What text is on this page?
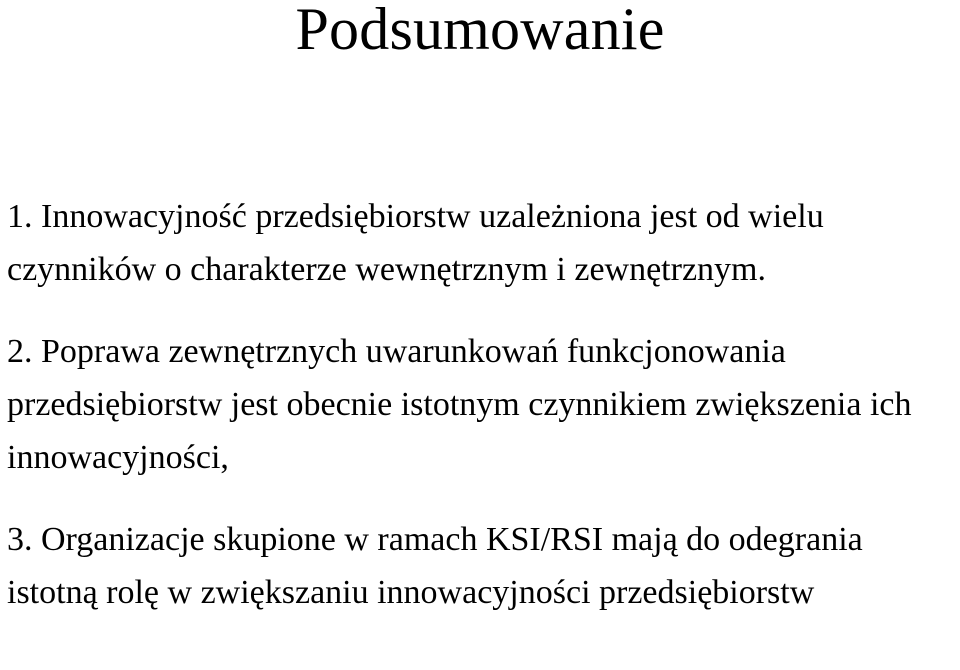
Podsumowanie
1. Innowacyjność przedsiębiorstw uzależniona jest od wielu czynników o charakterze wewnętrznym i zewnętrznym.
2. Poprawa zewnętrznych uwarunkowań funkcjonowania przedsiębiorstw jest obecnie istotnym czynnikiem zwiększenia ich innowacyjności,
3. Organizacje skupione w ramach KSI/RSI mają do odegrania istotną rolę w zwiększaniu innowacyjności przedsiębiorstw
